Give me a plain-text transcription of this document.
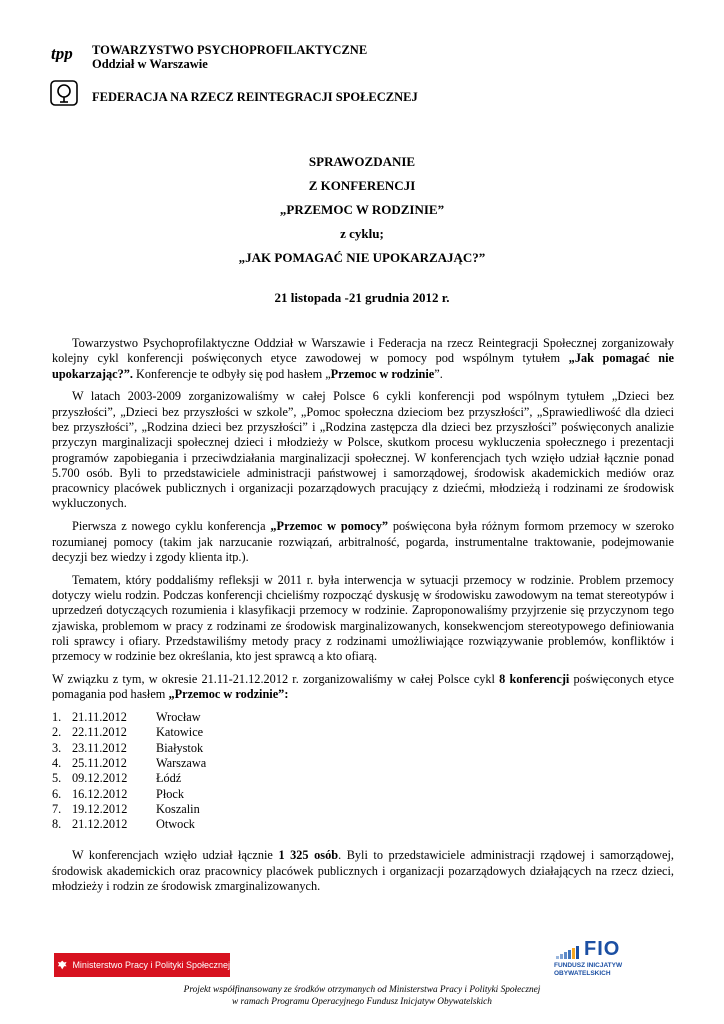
tpp TOWARZYSTWO PSYCHOPROFILAKTYCZNE
Oddział w Warszawie
FEDERACJA NA RZECZ REINTEGRACJI SPOŁECZNEJ
SPRAWOZDANIE
Z KONFERENCJI
„PRZEMOC W RODZINIE”
z cyklu;
„JAK POMAGAĆ NIE UPOKARZAJĄC?”
21 listopada -21 grudnia 2012 r.

Towarzystwo Psychoprofilaktyczne Oddział w Warszawie i Federacja na rzecz Reintegracji Społecznej zorganizowały kolejny cykl konferencji poświęconych etyce zawodowej w pomocy pod wspólnym tytułem „Jak pomagać nie upokarzając?”. Konferencje te odbyły się pod hasłem „Przemoc w rodzinie”.

W latach 2003-2009 zorganizowaliśmy w całej Polsce 6 cykli konferencji pod wspólnym tytułem „Dzieci bez przyszłości”, „Dzieci bez przyszłości w szkole”, „Pomoc społeczna dzieciom bez przyszłości”, „Sprawiedliwość dla dzieci bez przyszłości”, „Rodzina dzieci bez przyszłości” i „Rodzina zastępcza dla dzieci bez przyszłości” poświęconych analizie przyczyn marginalizacji społecznej dzieci i młodzieży w Polsce, skutkom procesu wykluczenia społecznego i prezentacji programów zapobiegania i przeciwdziałania marginalizacji społecznej. W konferencjach tych wzięło udział łącznie ponad 5.700 osób. Byli to przedstawiciele administracji państwowej i samorządowej, środowisk akademickich mediów oraz pracownicy placówek publicznych i organizacji pozarządowych pracujący z dziećmi, młodzieżą i rodzinami ze środowisk wykluczonych.

Pierwsza z nowego cyklu konferencja „Przemoc w pomocy” poświęcona była różnym formom przemocy w szeroko rozumianej pomocy (takim jak narzucanie rozwiązań, arbitralność, pogarda, instrumentalne traktowanie, podejmowanie decyzji bez wiedzy i zgody klienta itp.).

Tematem, który poddaliśmy refleksji w 2011 r. była interwencja w sytuacji przemocy w rodzinie. Problem przemocy dotyczy wielu rodzin. Podczas konferencji chcieliśmy rozpocząć dyskusję w środowisku zawodowym na temat stereotypów i uprzedzeń dotyczących rozumienia i klasyfikacji przemocy w rodzinie. Zaproponowaliśmy przyjrzenie się przyczynom tego zjawiska, problemom w pracy z rodzinami ze środowisk marginalizowanych, konsekwencjom stereotypowego definiowania roli sprawcy i ofiary. Przedstawiliśmy metody pracy z rodzinami umożliwiające rozwiązywanie problemów, konfliktów i przemocy w rodzinie bez określania, kto jest sprawcą a kto ofiarą.

W związku z tym, w okresie 21.11-21.12.2012 r. zorganizowaliśmy w całej Polsce cykl 8 konferencji poświęconych etyce pomagania pod hasłem „Przemoc w rodzinie”:

1. 21.11.2012	Wrocław
2. 22.11.2012	Katowice
3. 23.11.2012	Białystok
4. 25.11.2012	Warszawa
5. 09.12.2012	Łódź
6. 16.12.2012	Płock
7. 19.12.2012	Koszalin
8. 21.12.2012	Otwock

W konferencjach wzięło udział łącznie 1 325 osób. Byli to przedstawiciele administracji rządowej i samorządowej, środowisk akademickich oraz pracownicy placówek publicznych i organizacji pozarządowych działających na rzecz dzieci, młodzieży i rodzin ze środowisk zmarginalizowanych.

Ministerstwo Pracy i Polityki Społecznej
FIO
FUNDUSZ INICJATYW OBYWATELSKICH
Projekt współfinansowany ze środków otrzymanych od Ministerstwa Pracy i Polityki Społecznej
w ramach Programu Operacyjnego Fundusz Inicjatyw Obywatelskich
